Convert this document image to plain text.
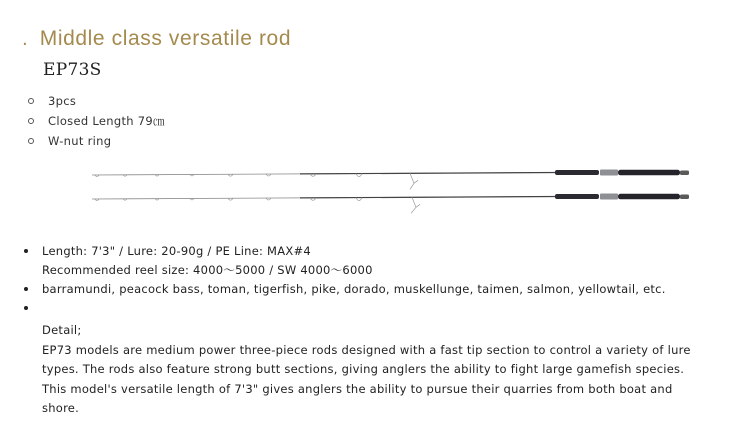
. Middle class versatile rod
EP73S
3pcs
Closed Length 79㎝
W-nut ring
Length: 7'3" / Lure: 20-90g / PE Line: MAX#4
Recommended reel size: 4000～5000 / SW 4000～6000
barramundi, peacock bass, toman, tigerfish, pike, dorado, muskellunge, taimen, salmon, yellowtail, etc.
Detail;
EP73 models are medium power three-piece rods designed with a fast tip section to control a variety of lure
types. The rods also feature strong butt sections, giving anglers the ability to fight large gamefish species.
This model's versatile length of 7'3" gives anglers the ability to pursue their quarries from both boat and
shore.
